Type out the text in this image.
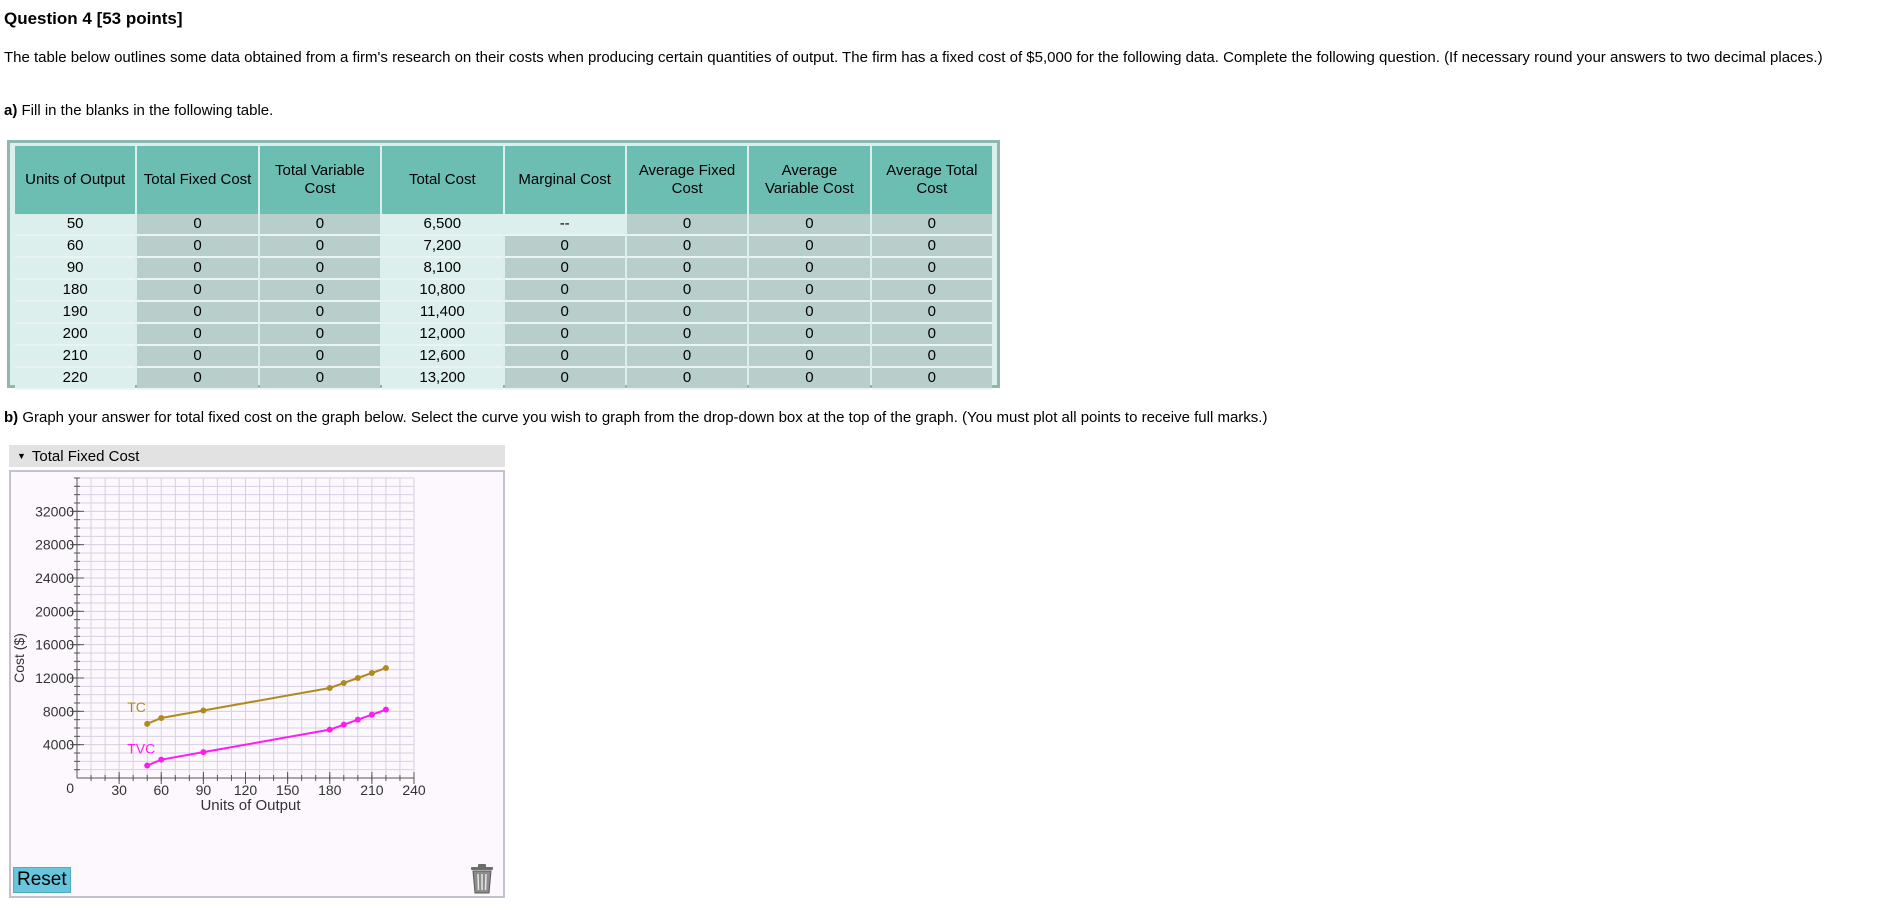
Question 4 [53 points]
The table below outlines some data obtained from a firm's research on their costs when producing certain quantities of output. The firm has a fixed cost of $5,000 for the following data. Complete the following question. (If necessary round your answers to two decimal places.)
a) Fill in the blanks in the following table.
Units of Output	Total Fixed Cost	Total Variable Cost	Total Cost	Marginal Cost	Average Fixed Cost	Average Variable Cost	Average Total Cost
50	0	0	6,500	--	0	0	0
60	0	0	7,200	0	0	0	0
90	0	0	8,100	0	0	0	0
180	0	0	10,800	0	0	0	0
190	0	0	11,400	0	0	0	0
200	0	0	12,000	0	0	0	0
210	0	0	12,600	0	0	0	0
220	0	0	13,200	0	0	0	0
b) Graph your answer for total fixed cost on the graph below. Select the curve you wish to graph from the drop-down box at the top of the graph. (You must plot all points to receive full marks.)
▼ Total Fixed Cost
4000
8000
12000
16000
20000
24000
28000
32000
30 60 90 120 150 180 210 240
0
Units of Output
Cost ($)
TC
TVC
Reset
